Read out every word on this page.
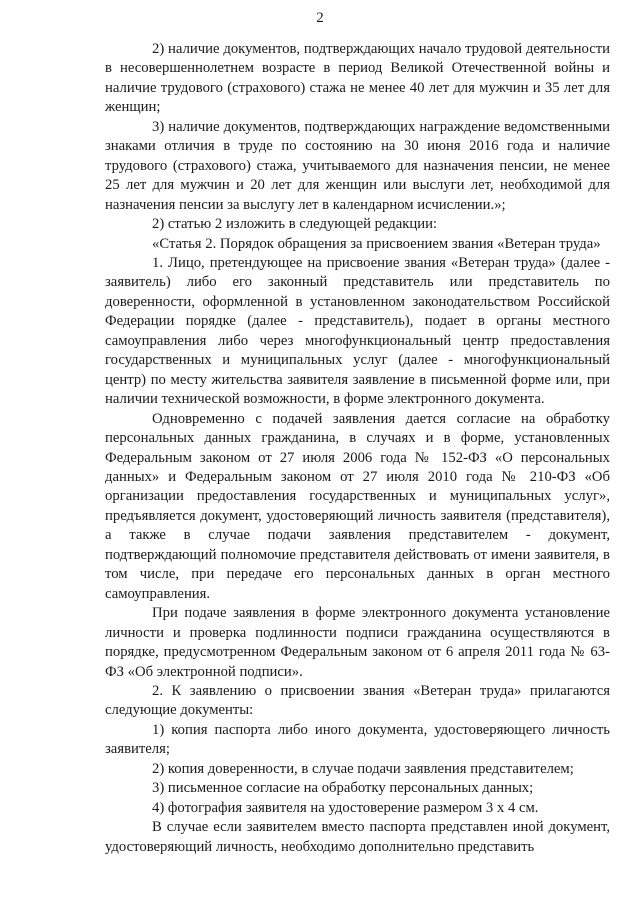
2

2) наличие документов, подтверждающих начало трудовой деятельности в несовершеннолетнем возрасте в период Великой Отечественной войны и наличие трудового (страхового) стажа не менее 40 лет для мужчин и 35 лет для женщин;

3) наличие документов, подтверждающих награждение ведомственными знаками отличия в труде по состоянию на 30 июня 2016 года и наличие трудового (страхового) стажа, учитываемого для назначения пенсии, не менее 25 лет для мужчин и 20 лет для женщин или выслуги лет, необходимой для назначения пенсии за выслугу лет в календарном исчислении.»;

2) статью 2 изложить в следующей редакции:

«Статья 2. Порядок обращения за присвоением звания «Ветеран труда»

1. Лицо, претендующее на присвоение звания «Ветеран труда» (далее - заявитель) либо его законный представитель или представитель по доверенности, оформленной в установленном законодательством Российской Федерации порядке (далее - представитель), подает в органы местного самоуправления либо через многофункциональный центр предоставления государственных и муниципальных услуг (далее - многофункциональный центр) по месту жительства заявителя заявление в письменной форме или, при наличии технической возможности, в форме электронного документа.

Одновременно с подачей заявления дается согласие на обработку персональных данных гражданина, в случаях и в форме, установленных Федеральным законом от 27 июля 2006 года № 152-ФЗ «О персональных данных» и Федеральным законом от 27 июля 2010 года № 210-ФЗ «Об организации предоставления государственных и муниципальных услуг», предъявляется документ, удостоверяющий личность заявителя (представителя), а также в случае подачи заявления представителем - документ, подтверждающий полномочие представителя действовать от имени заявителя, в том числе, при передаче его персональных данных в орган местного самоуправления.

При подаче заявления в форме электронного документа установление личности и проверка подлинности подписи гражданина осуществляются в порядке, предусмотренном Федеральным законом от 6 апреля 2011 года № 63-ФЗ «Об электронной подписи».

2. К заявлению о присвоении звания «Ветеран труда» прилагаются следующие документы:

1) копия паспорта либо иного документа, удостоверяющего личность заявителя;

2) копия доверенности, в случае подачи заявления представителем;

3) письменное согласие на обработку персональных данных;

4) фотография заявителя на удостоверение размером 3 х 4 см.

В случае если заявителем вместо паспорта представлен иной документ, удостоверяющий личность, необходимо дополнительно представить
